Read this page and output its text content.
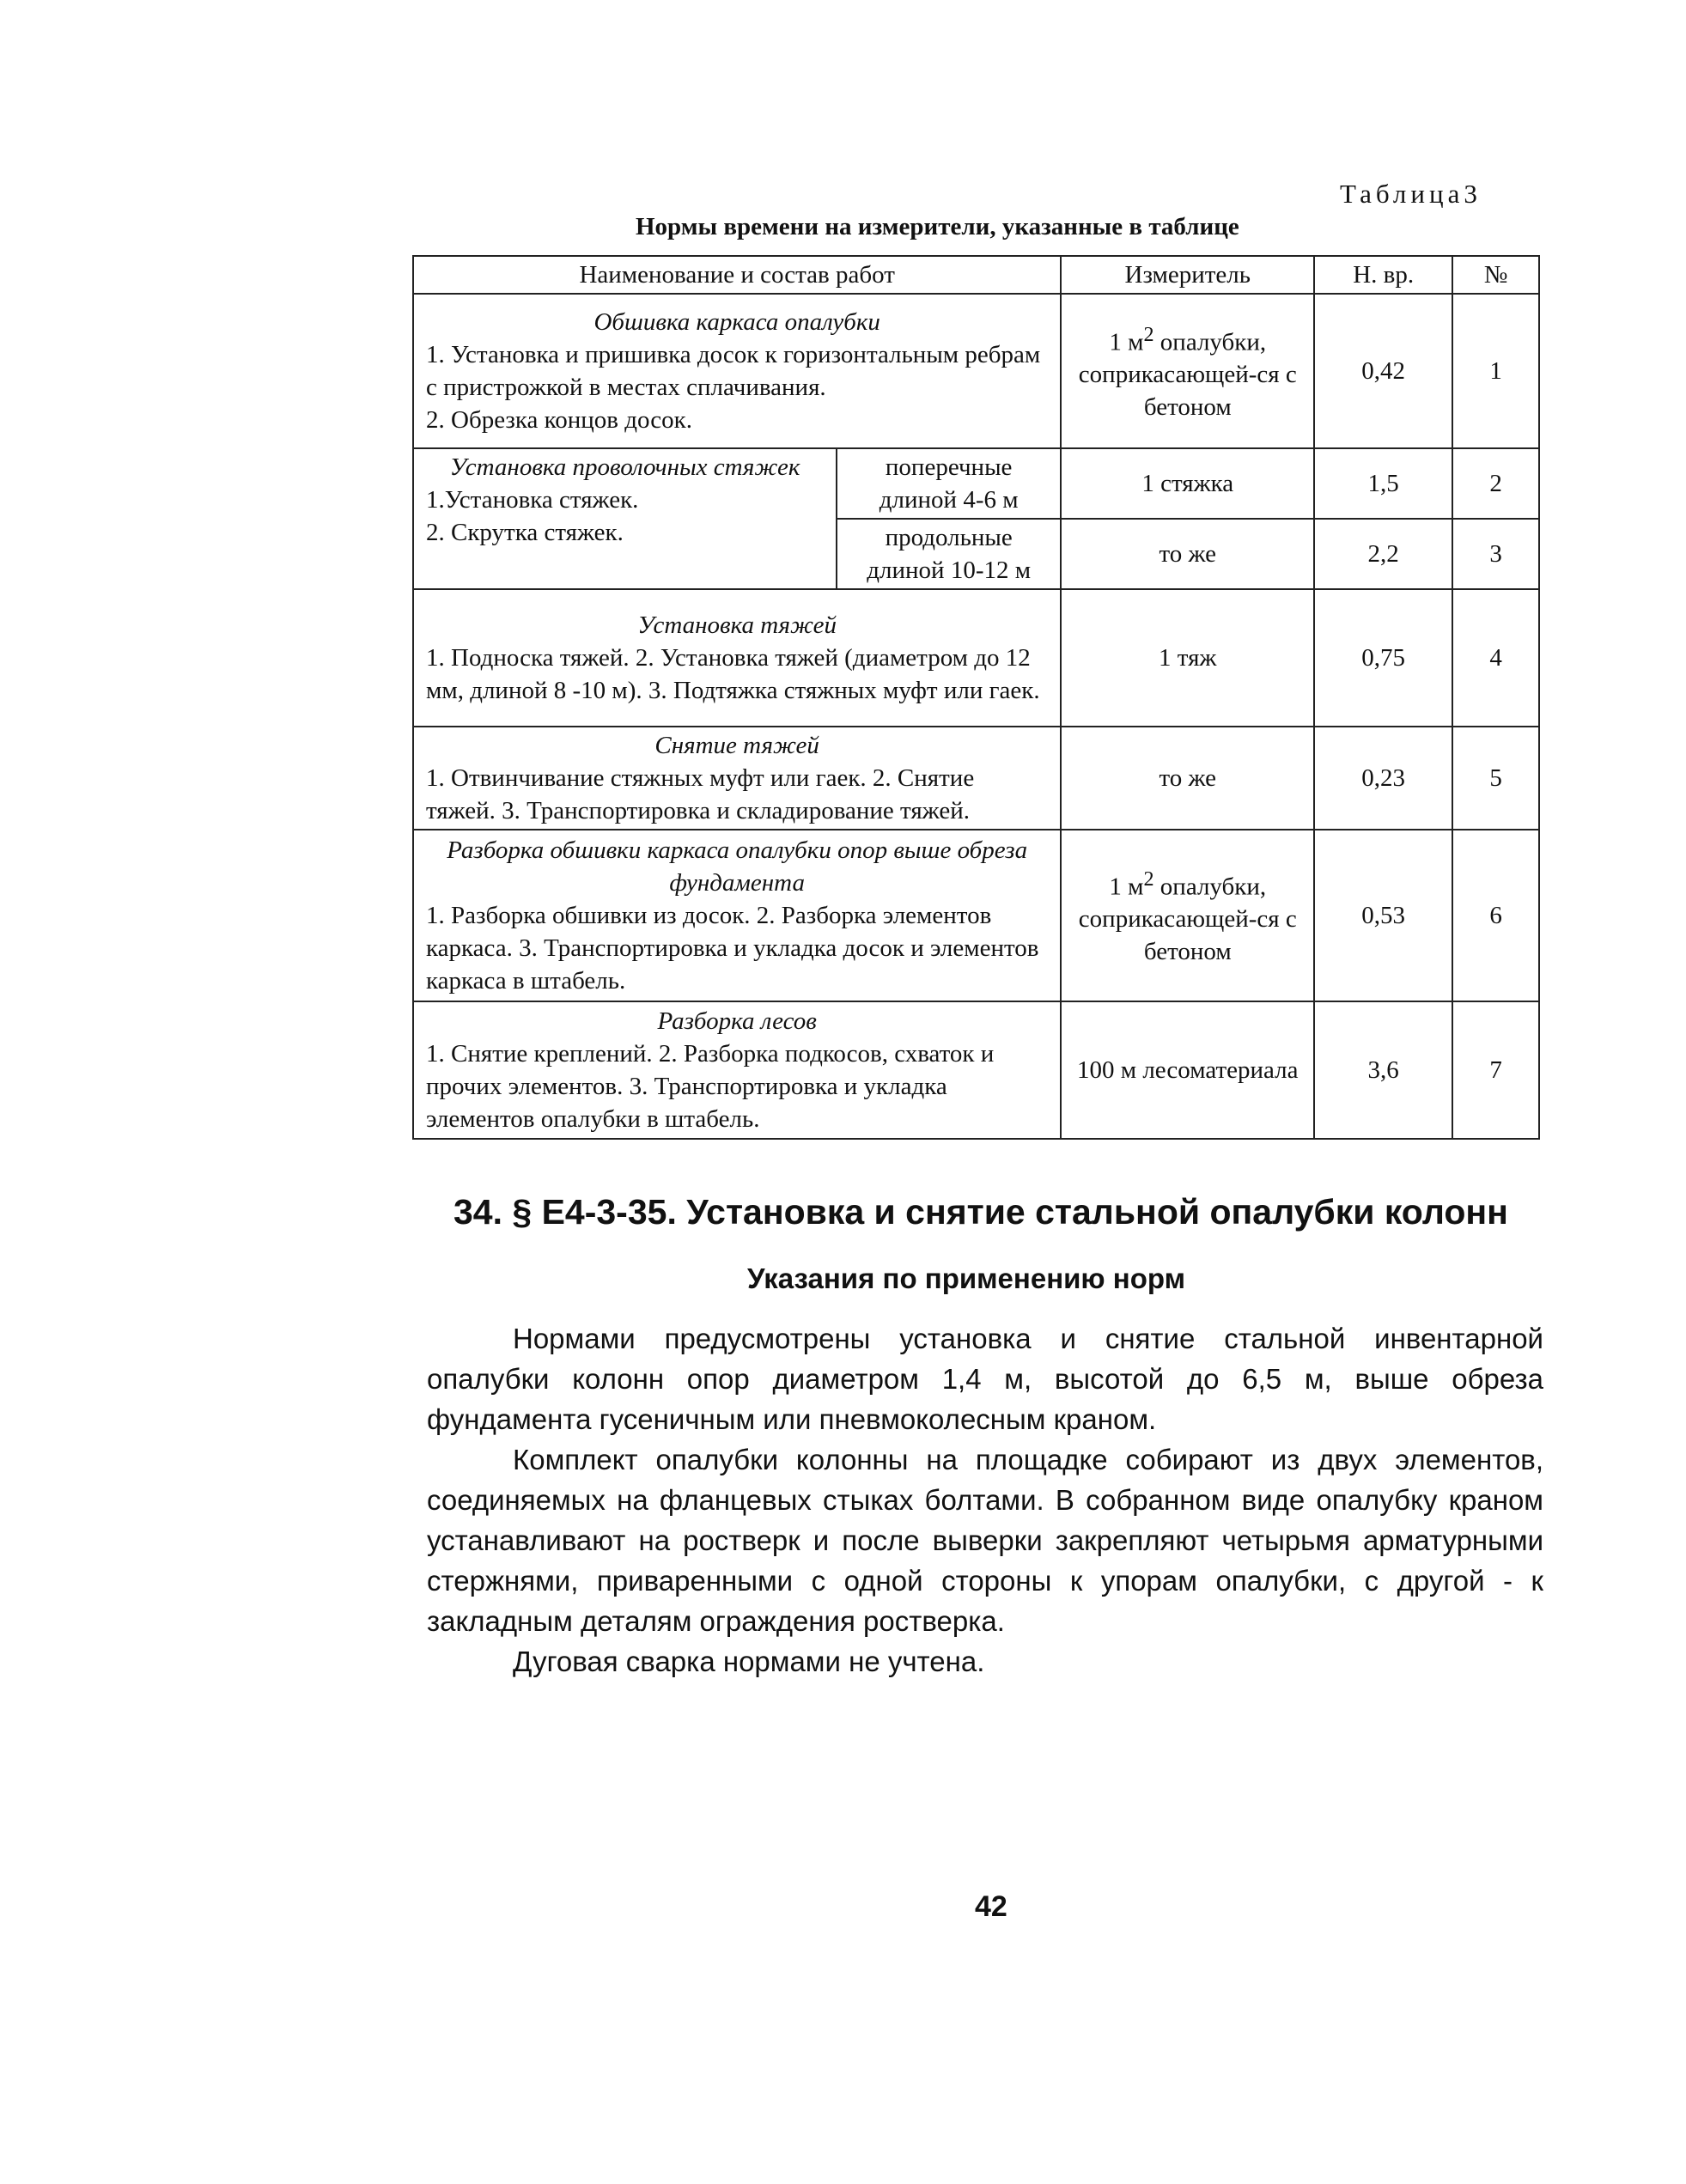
Таблица3
Нормы времени на измерители, указанные в таблице
Наименование и состав работ		Измеритель	Н. вр.	№

Обшивка каркаса опалубки
1. Установка и пришивка досок к горизонтальным ребрам с пристрожкой в местах сплачивания.
2. Обрезка концов досок.		1 $м^2$ опалубки, соприкасающей-ся с бетоном	0,42	1

Установка проволочных стяжек
1.Установка стяжек.
2. Скрутка стяжек.	поперечные длиной 4-6 м	1 стяжка	1,5	2
	продольные длиной 10-12 м	то же	2,2	3

Установка тяжей
1. Подноска тяжей. 2. Установка тяжей (диаметром до 12 мм, длиной 8 -10 м). 3. Подтяжка стяжных муфт или гаек.		1 тяж	0,75	4

Снятие тяжей
1. Отвинчивание стяжных муфт или гаек. 2. Снятие тяжей. 3. Транспортировка и складирование тяжей.		то же	0,23	5

Разборка обшивки каркаса опалубки опор выше обреза фундамента
1. Разборка обшивки из досок. 2. Разборка элементов каркаса. 3. Транспортировка и укладка досок и элементов каркаса в штабель.		1 $м^2$ опалубки, соприкасающей-ся с бетоном	0,53	6

Разборка лесов
1. Снятие креплений. 2. Разборка подкосов, схваток и прочих элементов. 3. Транспортировка и укладка элементов опалубки в штабель.		100 м лесоматериала	3,6	7
34. § Е4-3-35. Установка и снятие стальной опалубки колонн
Указания по применению норм

Нормами предусмотрены установка и снятие стальной инвентарной опалубки колонн опор диаметром 1,4 м, высотой до 6,5 м, выше обреза фундамента гусеничным или пневмоколесным краном.

Комплект опалубки колонны на площадке собирают из двух элементов, соединяемых на фланцевых стыках болтами. В собранном виде опалубку краном устанавливают на ростверк и после выверки закрепляют четырьмя арматурными стержнями, приваренными с одной стороны к упорам опалубки, с другой - к закладным деталям ограждения ростверка.

Дуговая сварка нормами не учтена.

42
